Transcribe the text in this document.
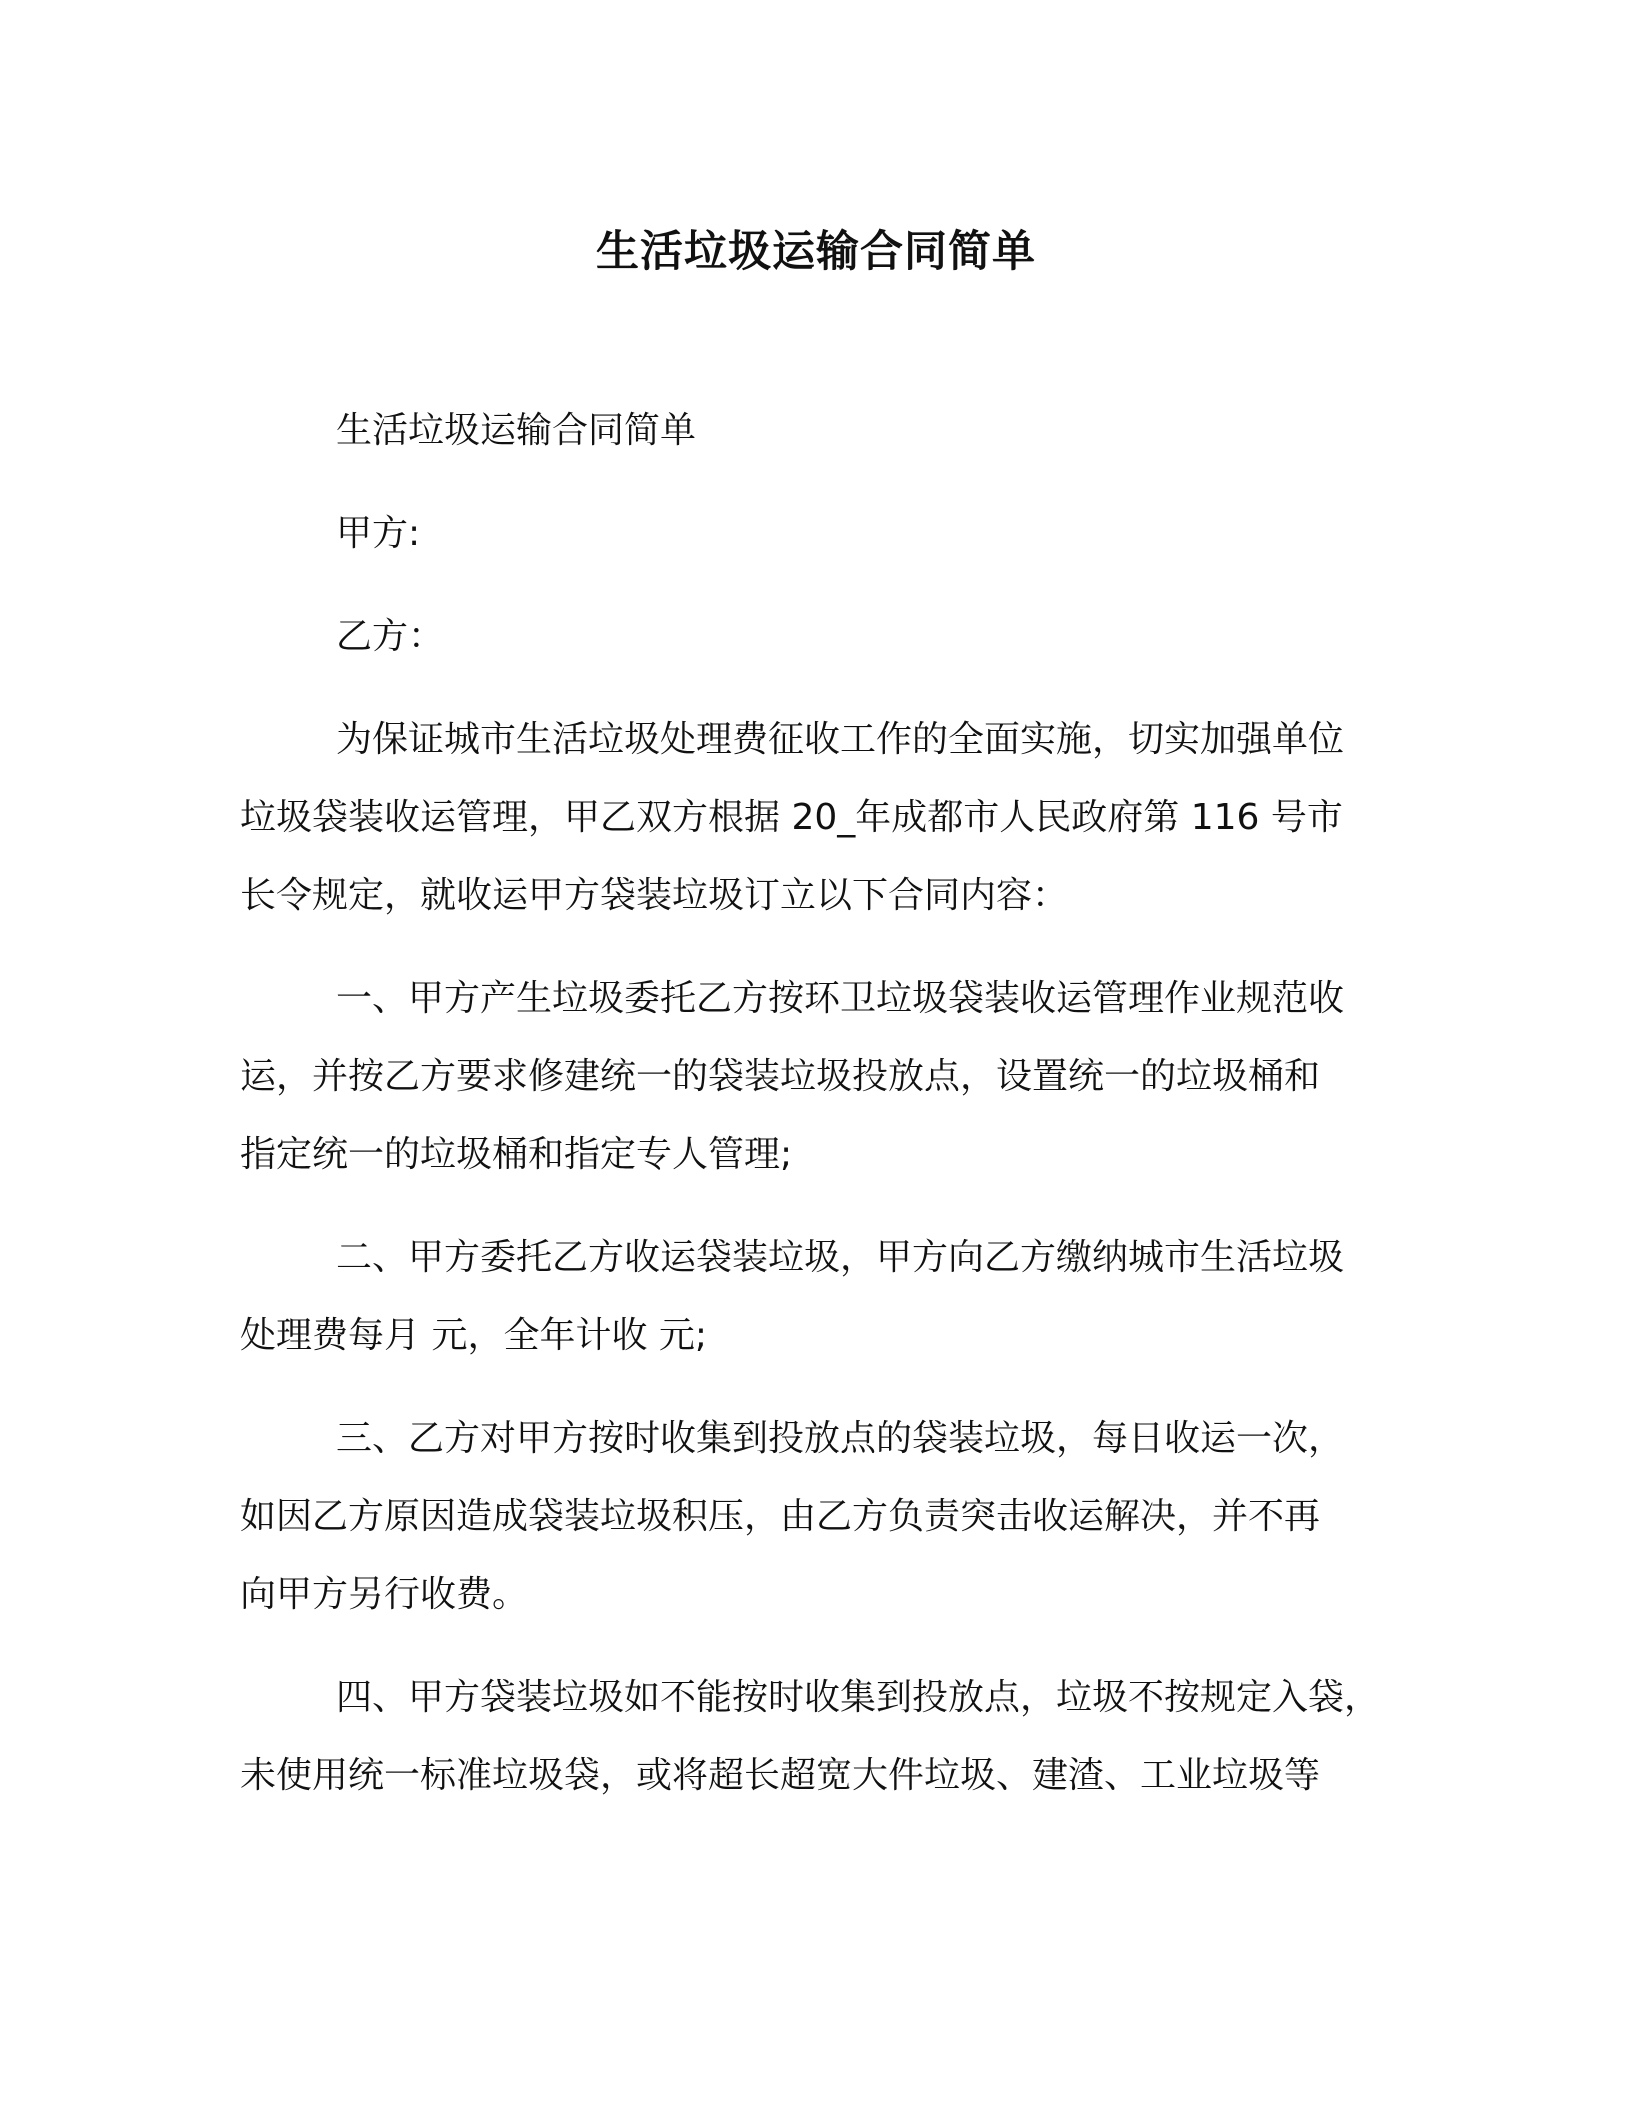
生活垃圾运输合同简单

生活垃圾运输合同简单

甲方:

乙方：

为保证城市生活垃圾处理费征收工作的全面实施，切实加强单位
垃圾袋装收运管理，甲乙双方根据 20_年成都市人民政府第 116 号市
长令规定，就收运甲方袋装垃圾订立以下合同内容：
一、甲方产生垃圾委托乙方按环卫垃圾袋装收运管理作业规范收
运，并按乙方要求修建统一的袋装垃圾投放点，设置统一的垃圾桶和
指定统一的垃圾桶和指定专人管理;
二、甲方委托乙方收运袋装垃圾，甲方向乙方缴纳城市生活垃圾
处理费每月 元，全年计收 元;
三、乙方对甲方按时收集到投放点的袋装垃圾，每日收运一次，
如因乙方原因造成袋装垃圾积压，由乙方负责突击收运解决，并不再
向甲方另行收费。
四、甲方袋装垃圾如不能按时收集到投放点，垃圾不按规定入袋，
未使用统一标准垃圾袋，或将超长超宽大件垃圾、建渣、工业垃圾等
